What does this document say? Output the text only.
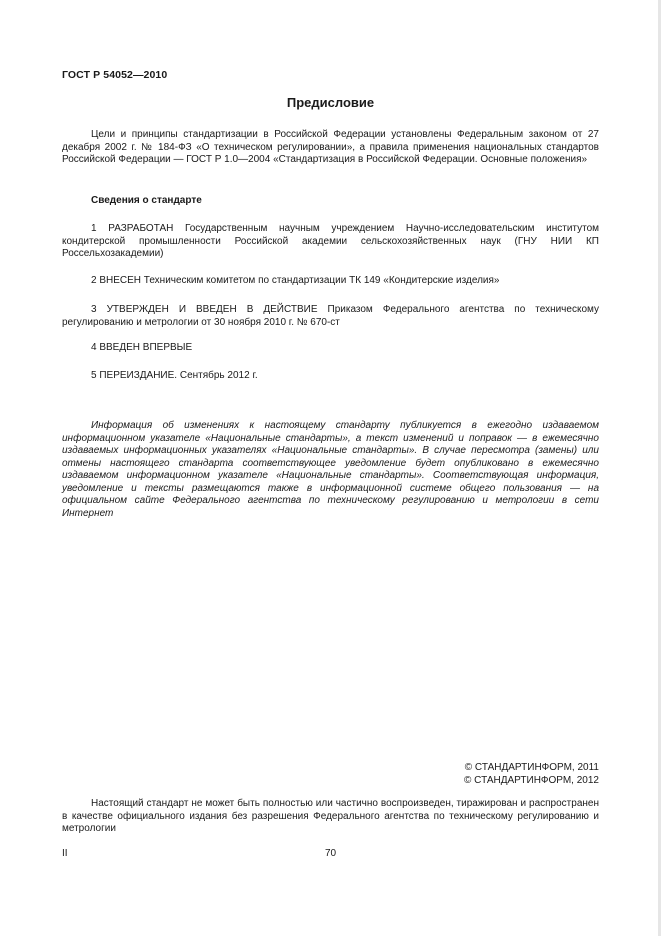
ГОСТ Р 54052—2010
Предисловие
Цели и принципы стандартизации в Российской Федерации установлены Федеральным законом от 27 декабря 2002 г. № 184-ФЗ «О техническом регулировании», а правила применения национальных стандартов Российской Федерации — ГОСТ Р 1.0—2004 «Стандартизация в Российской Федерации. Основные положения»
Сведения о стандарте
1 РАЗРАБОТАН Государственным научным учреждением Научно-исследовательским институтом кондитерской промышленности Российской академии сельскохозяйственных наук (ГНУ НИИ КП Россельхозакадемии)
2 ВНЕСЕН Техническим комитетом по стандартизации ТК 149 «Кондитерские изделия»
3 УТВЕРЖДЕН И ВВЕДЕН В ДЕЙСТВИЕ Приказом Федерального агентства по техническому регулированию и метрологии от 30 ноября 2010 г. № 670-ст
4 ВВЕДЕН ВПЕРВЫЕ
5 ПЕРЕИЗДАНИЕ. Сентябрь 2012 г.
Информация об изменениях к настоящему стандарту публикуется в ежегодно издаваемом информационном указателе «Национальные стандарты», а текст изменений и поправок — в ежемесячно издаваемых информационных указателях «Национальные стандарты». В случае пересмотра (замены) или отмены настоящего стандарта соответствующее уведомление будет опубликовано в ежемесячно издаваемом информационном указателе «Национальные стандарты». Соответствующая информация, уведомление и тексты размещаются также в информационной системе общего пользования — на официальном сайте Федерального агентства по техническому регулированию и метрологии в сети Интернет
© СТАНДАРТИНФОРМ, 2011
© СТАНДАРТИНФОРМ, 2012
Настоящий стандарт не может быть полностью или частично воспроизведен, тиражирован и распространен в качестве официального издания без разрешения Федерального агентства по техническому регулированию и метрологии
II	70
